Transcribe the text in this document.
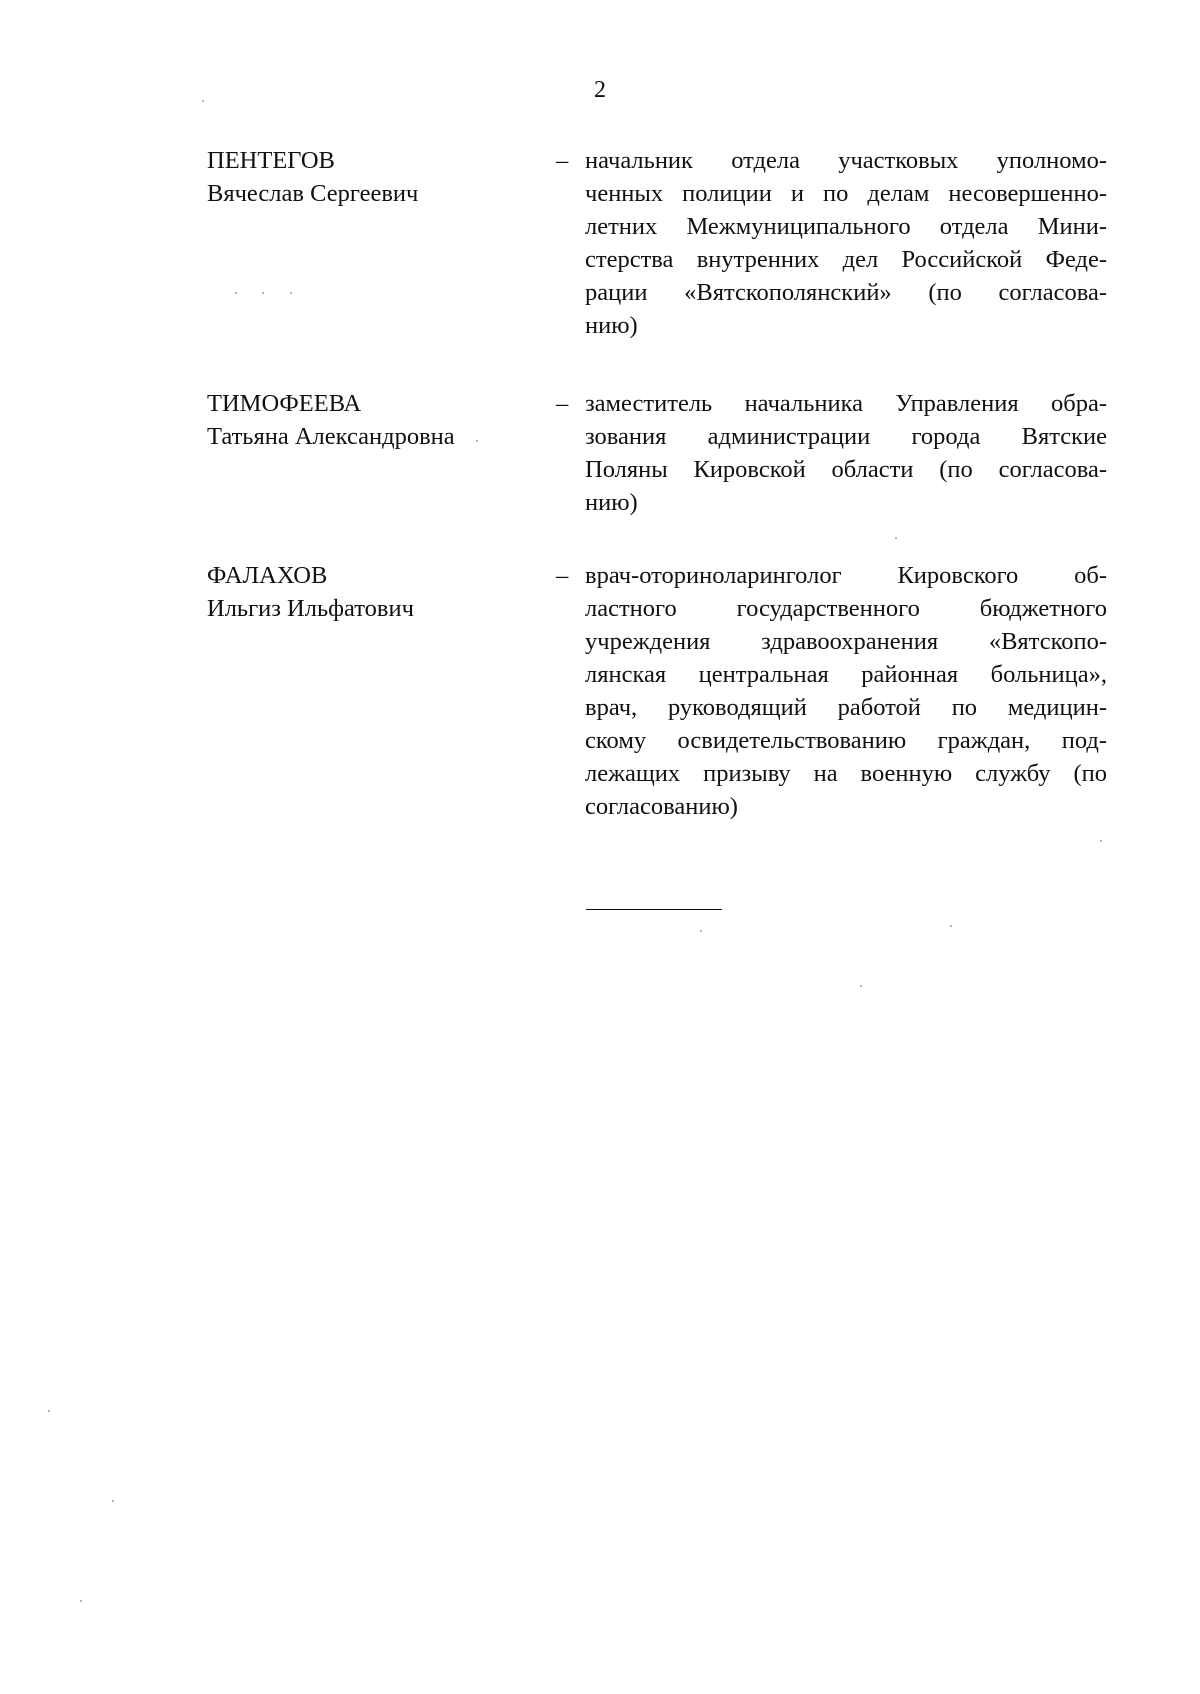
2
ПЕНТЕГОВ
Вячеслав Сергеевич
– начальник отдела участковых уполномо-
ченных полиции и по делам несовершенно-
летних Межмуниципального отдела Мини-
стерства внутренних дел Российской Феде-
рации «Вятскополянский» (по согласова-
нию)
ТИМОФЕЕВА
Татьяна Александровна
– заместитель начальника Управления обра-
зования администрации города Вятские
Поляны Кировской области (по согласова-
нию)
ФАЛАХОВ
Ильгиз Ильфатович
– врач-оториноларинголог Кировского об-
ластного государственного бюджетного
учреждения здравоохранения «Вятскопо-
лянская центральная районная больница»,
врач, руководящий работой по медицин-
скому освидетельствованию граждан, под-
лежащих призыву на военную службу (по
согласованию)
